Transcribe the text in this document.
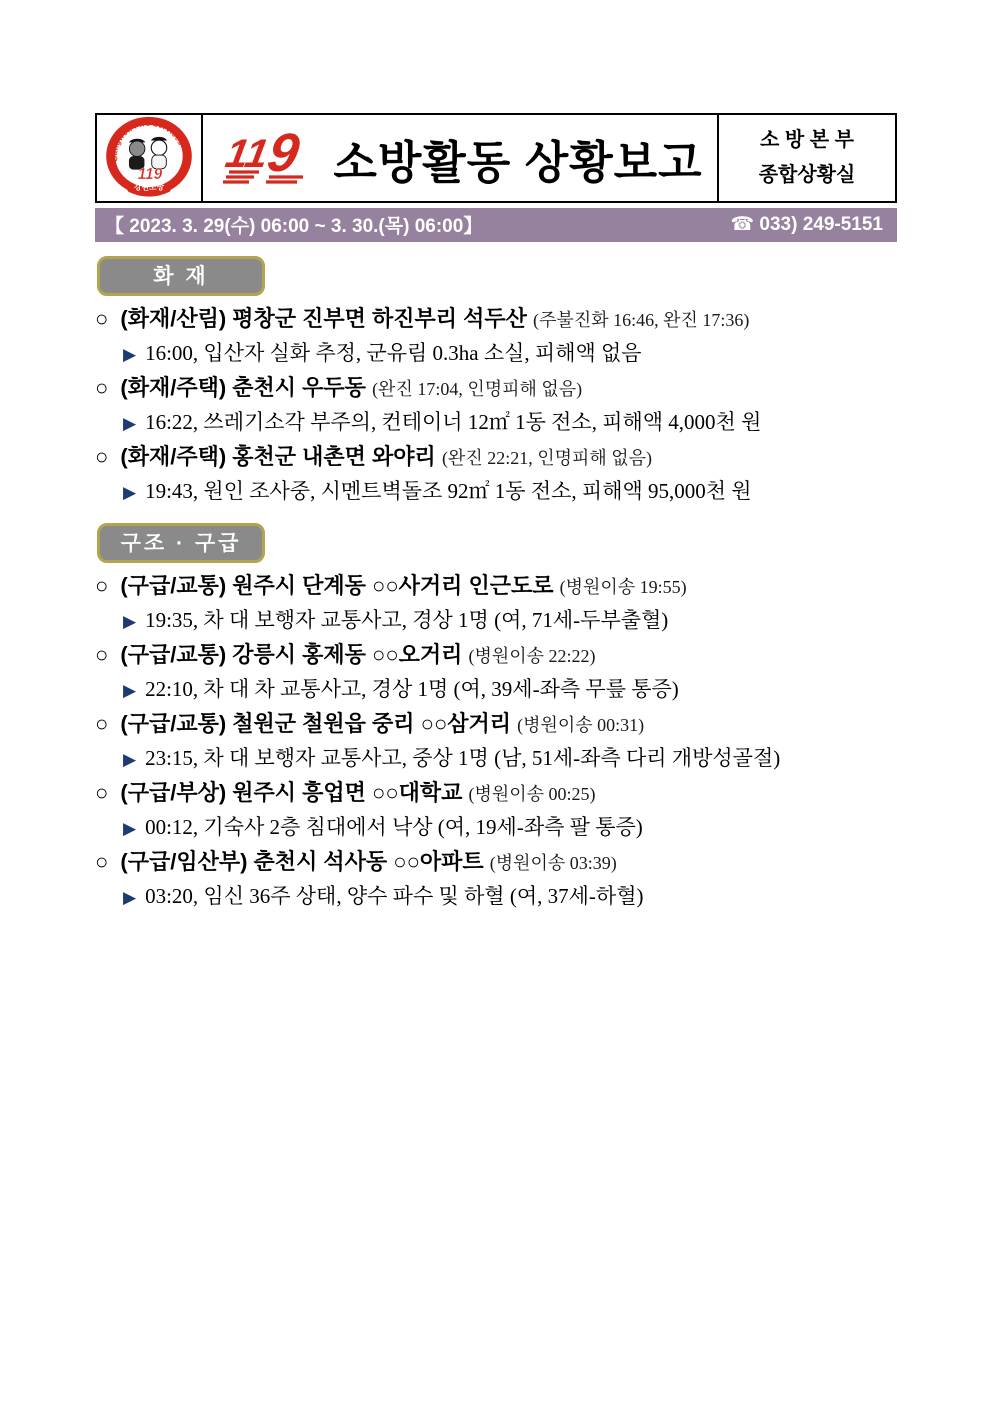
Gangwon Fire Services
119
강원소방
11
9 소방활동 상황보고	소 방 본 부
종합상황실
【 2023. 3. 29(수) 06:00 ~ 3. 30.(목) 06:00】	☎ 033) 249-5151
화 재
○ (화재/산림) 평창군 진부면 하진부리 석두산 (주불진화 16:46, 완진 17:36)
▶ 16:00, 입산자 실화 추정, 군유림 0.3ha 소실, 피해액 없음
○ (화재/주택) 춘천시 우두동 (완진 17:04, 인명피해 없음)
▶ 16:22, 쓰레기소각 부주의, 컨테이너 12㎡ 1동 전소, 피해액 4,000천 원
○ (화재/주택) 홍천군 내촌면 와야리 (완진 22:21, 인명피해 없음)
▶ 19:43, 원인 조사중, 시멘트벽돌조 92㎡ 1동 전소, 피해액 95,000천 원
구조 · 구급
○ (구급/교통) 원주시 단계동 ○○사거리 인근도로 (병원이송 19:55)
▶ 19:35, 차 대 보행자 교통사고, 경상 1명 (여, 71세-두부출혈)
○ (구급/교통) 강릉시 홍제동 ○○오거리 (병원이송 22:22)
▶ 22:10, 차 대 차 교통사고, 경상 1명 (여, 39세-좌측 무릎 통증)
○ (구급/교통) 철원군 철원읍 중리 ○○삼거리 (병원이송 00:31)
▶ 23:15, 차 대 보행자 교통사고, 중상 1명 (남, 51세-좌측 다리 개방성골절)
○ (구급/부상) 원주시 흥업면 ○○대학교 (병원이송 00:25)
▶ 00:12, 기숙사 2층 침대에서 낙상 (여, 19세-좌측 팔 통증)
○ (구급/임산부) 춘천시 석사동 ○○아파트 (병원이송 03:39)
▶ 03:20, 임신 36주 상태, 양수 파수 및 하혈 (여, 37세-하혈)
